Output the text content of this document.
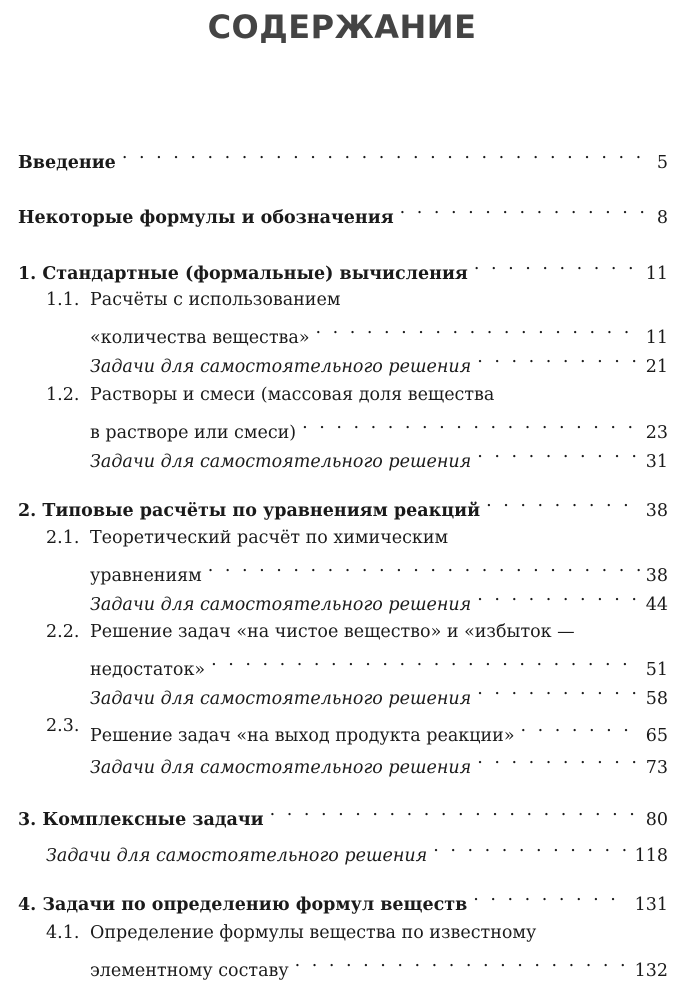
СОДЕРЖАНИЕ
Введение . . .	5
Некоторые формулы и обозначения . . .	8
1. Стандартные (формальные) вычисления . . .	11
1.1. Расчёты с использованием
«количества вещества» . . .	11
Задачи для самостоятельного решения . . .	21
1.2. Растворы и смеси (массовая доля вещества
в растворе или смеси) . . .	23
Задачи для самостоятельного решения . . .	31
2. Типовые расчёты по уравнениям реакций . . .	38
2.1. Теоретический расчёт по химическим
уравнениям . . .	38
Задачи для самостоятельного решения . . .	44
2.2. Решение задач «на чистое вещество» и «избыток —
недостаток» . . .	51
Задачи для самостоятельного решения . . .	58
2.3. Решение задач «на выход продукта реакции» . . .	65
Задачи для самостоятельного решения . . .	73
3. Комплексные задачи . . .	80
Задачи для самостоятельного решения . . .	118
4. Задачи по определению формул веществ . . .	131
4.1. Определение формулы вещества по известному
элементному составу . . .	132
